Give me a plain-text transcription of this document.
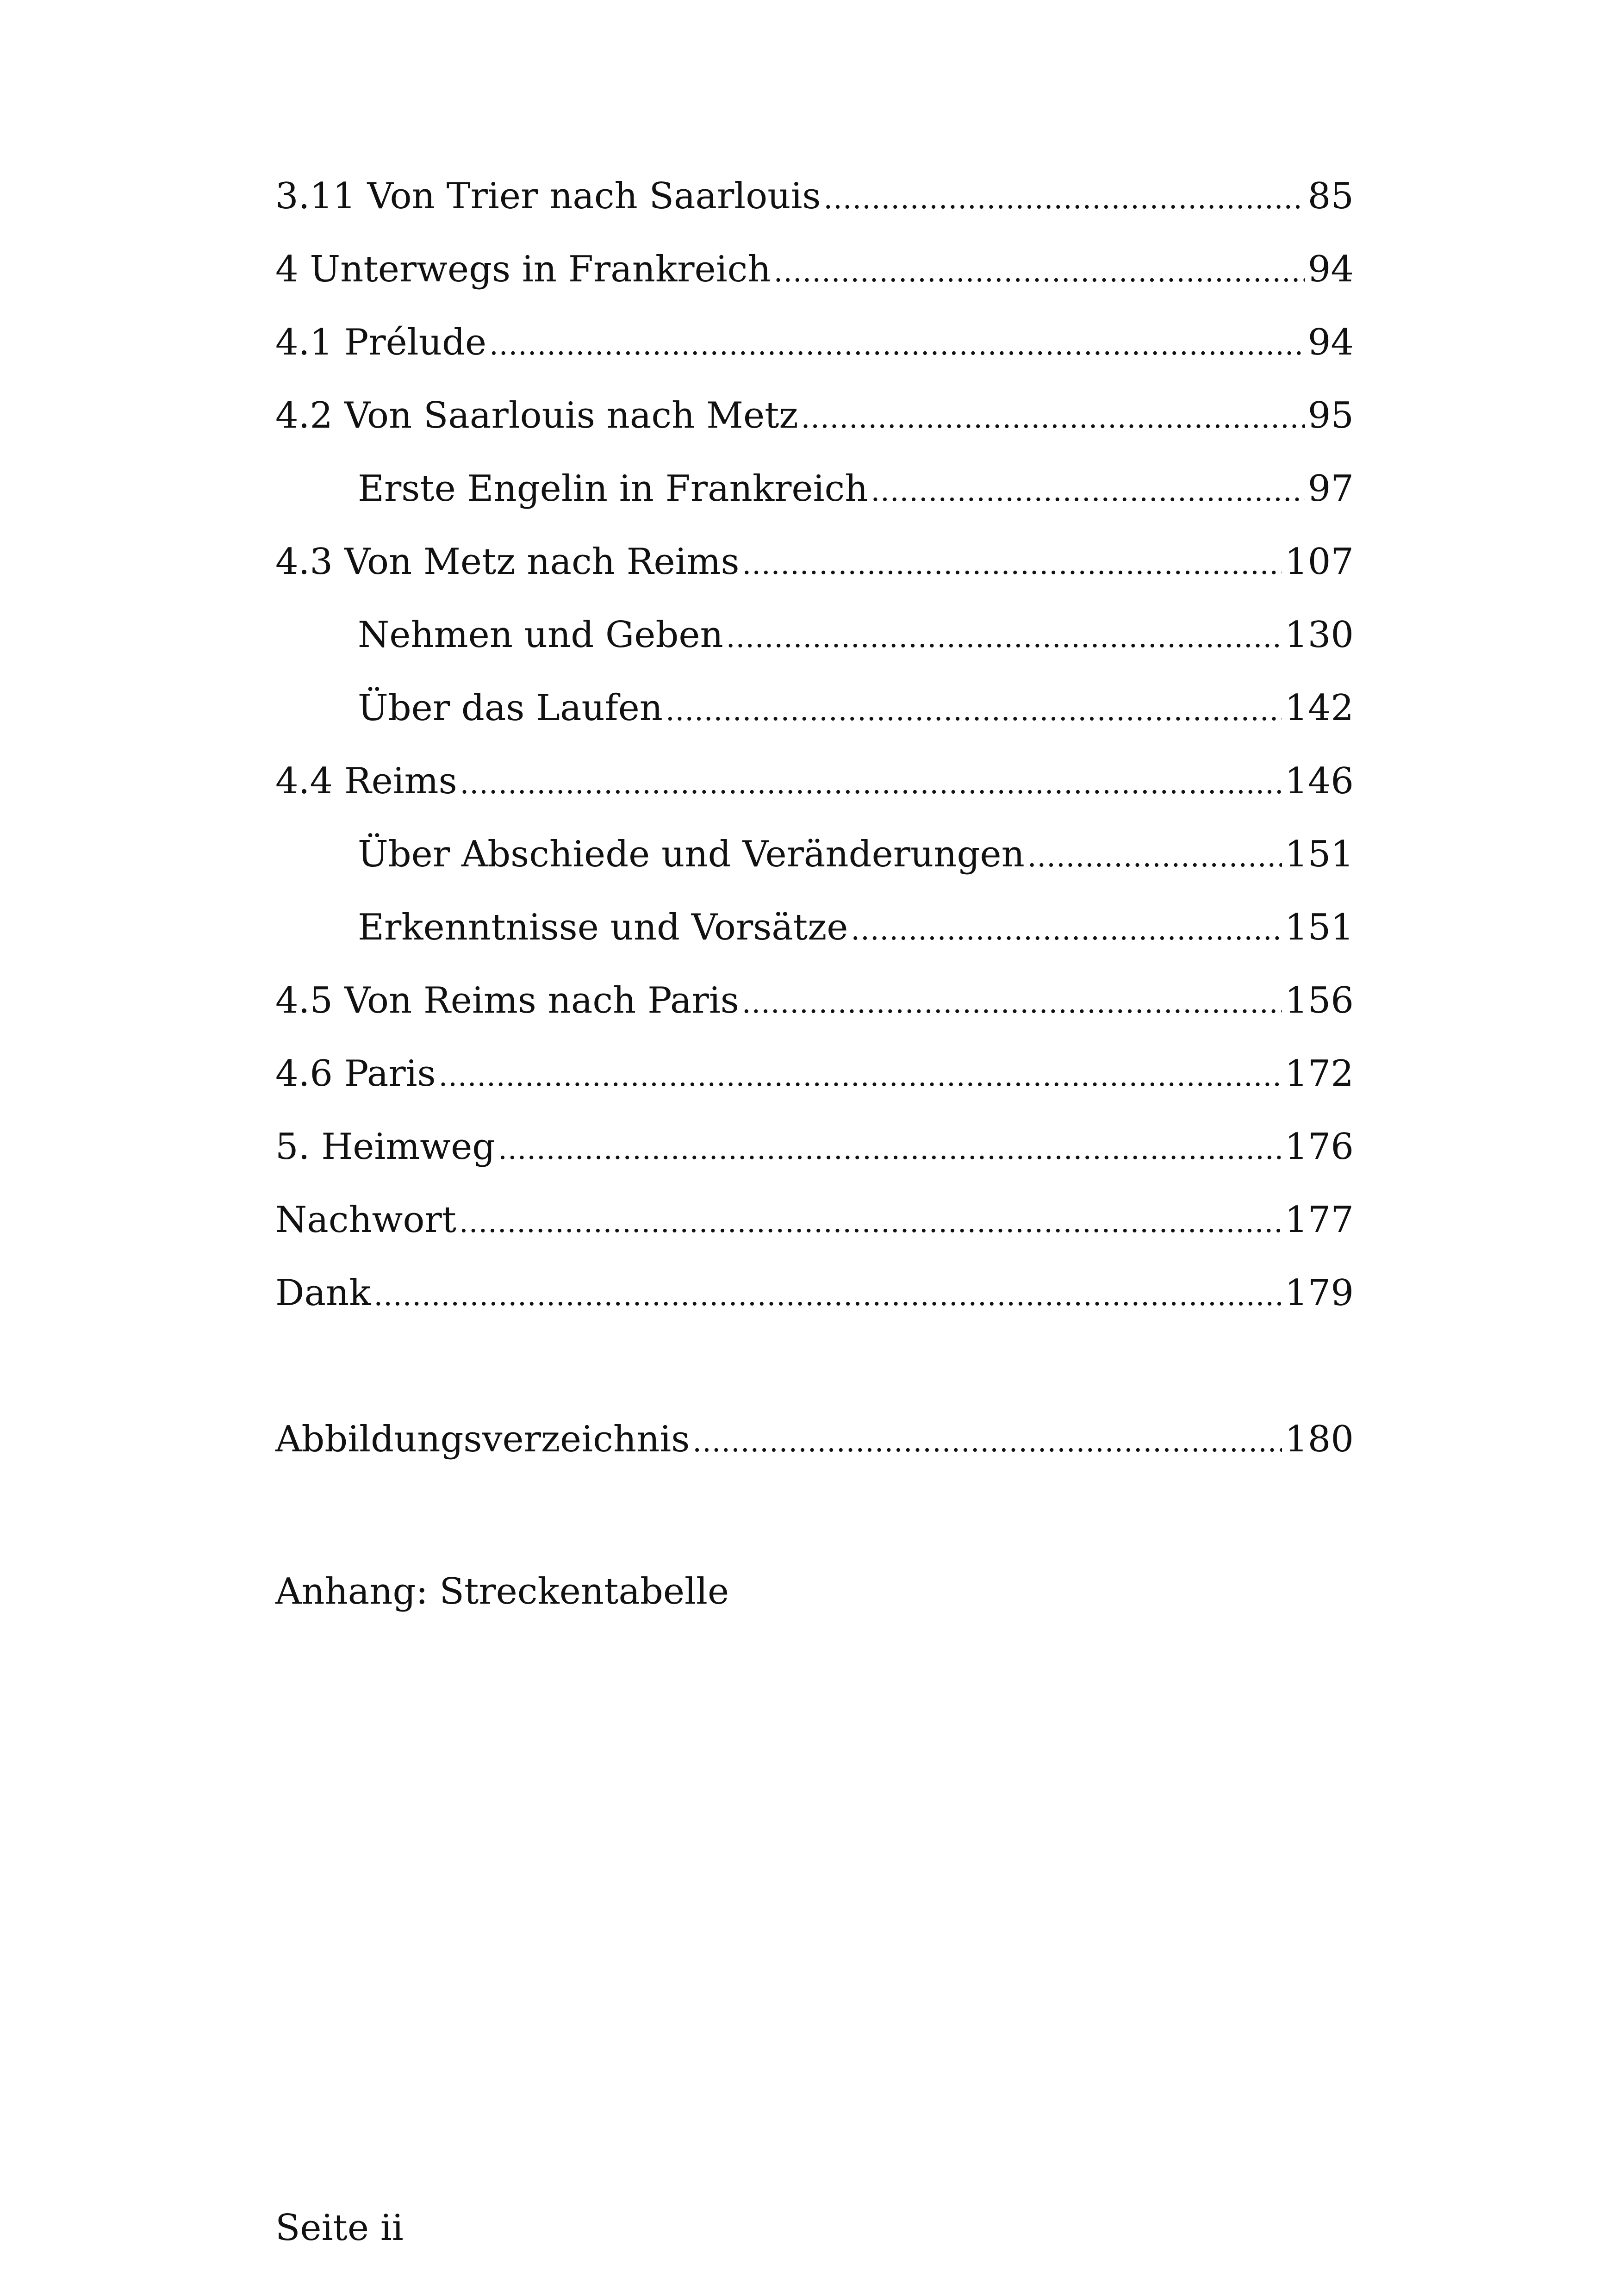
3.11 Von Trier nach Saarlouis .....	85
4 Unterwegs in Frankreich .....	94
4.1 Prélude .....	94
4.2 Von Saarlouis nach Metz .....	95
Erste Engelin in Frankreich .....	97
4.3 Von Metz nach Reims .....	107
Nehmen und Geben .....	130
Über das Laufen .....	142
4.4 Reims .....	146
Über Abschiede und Veränderungen .....	151
Erkenntnisse und Vorsätze .....	151
4.5 Von Reims nach Paris .....	156
4.6 Paris .....	172
5. Heimweg .....	176
Nachwort .....	177
Dank .....	179
Abbildungsverzeichnis .....	180
Anhang: Streckentabelle
Seite ii
